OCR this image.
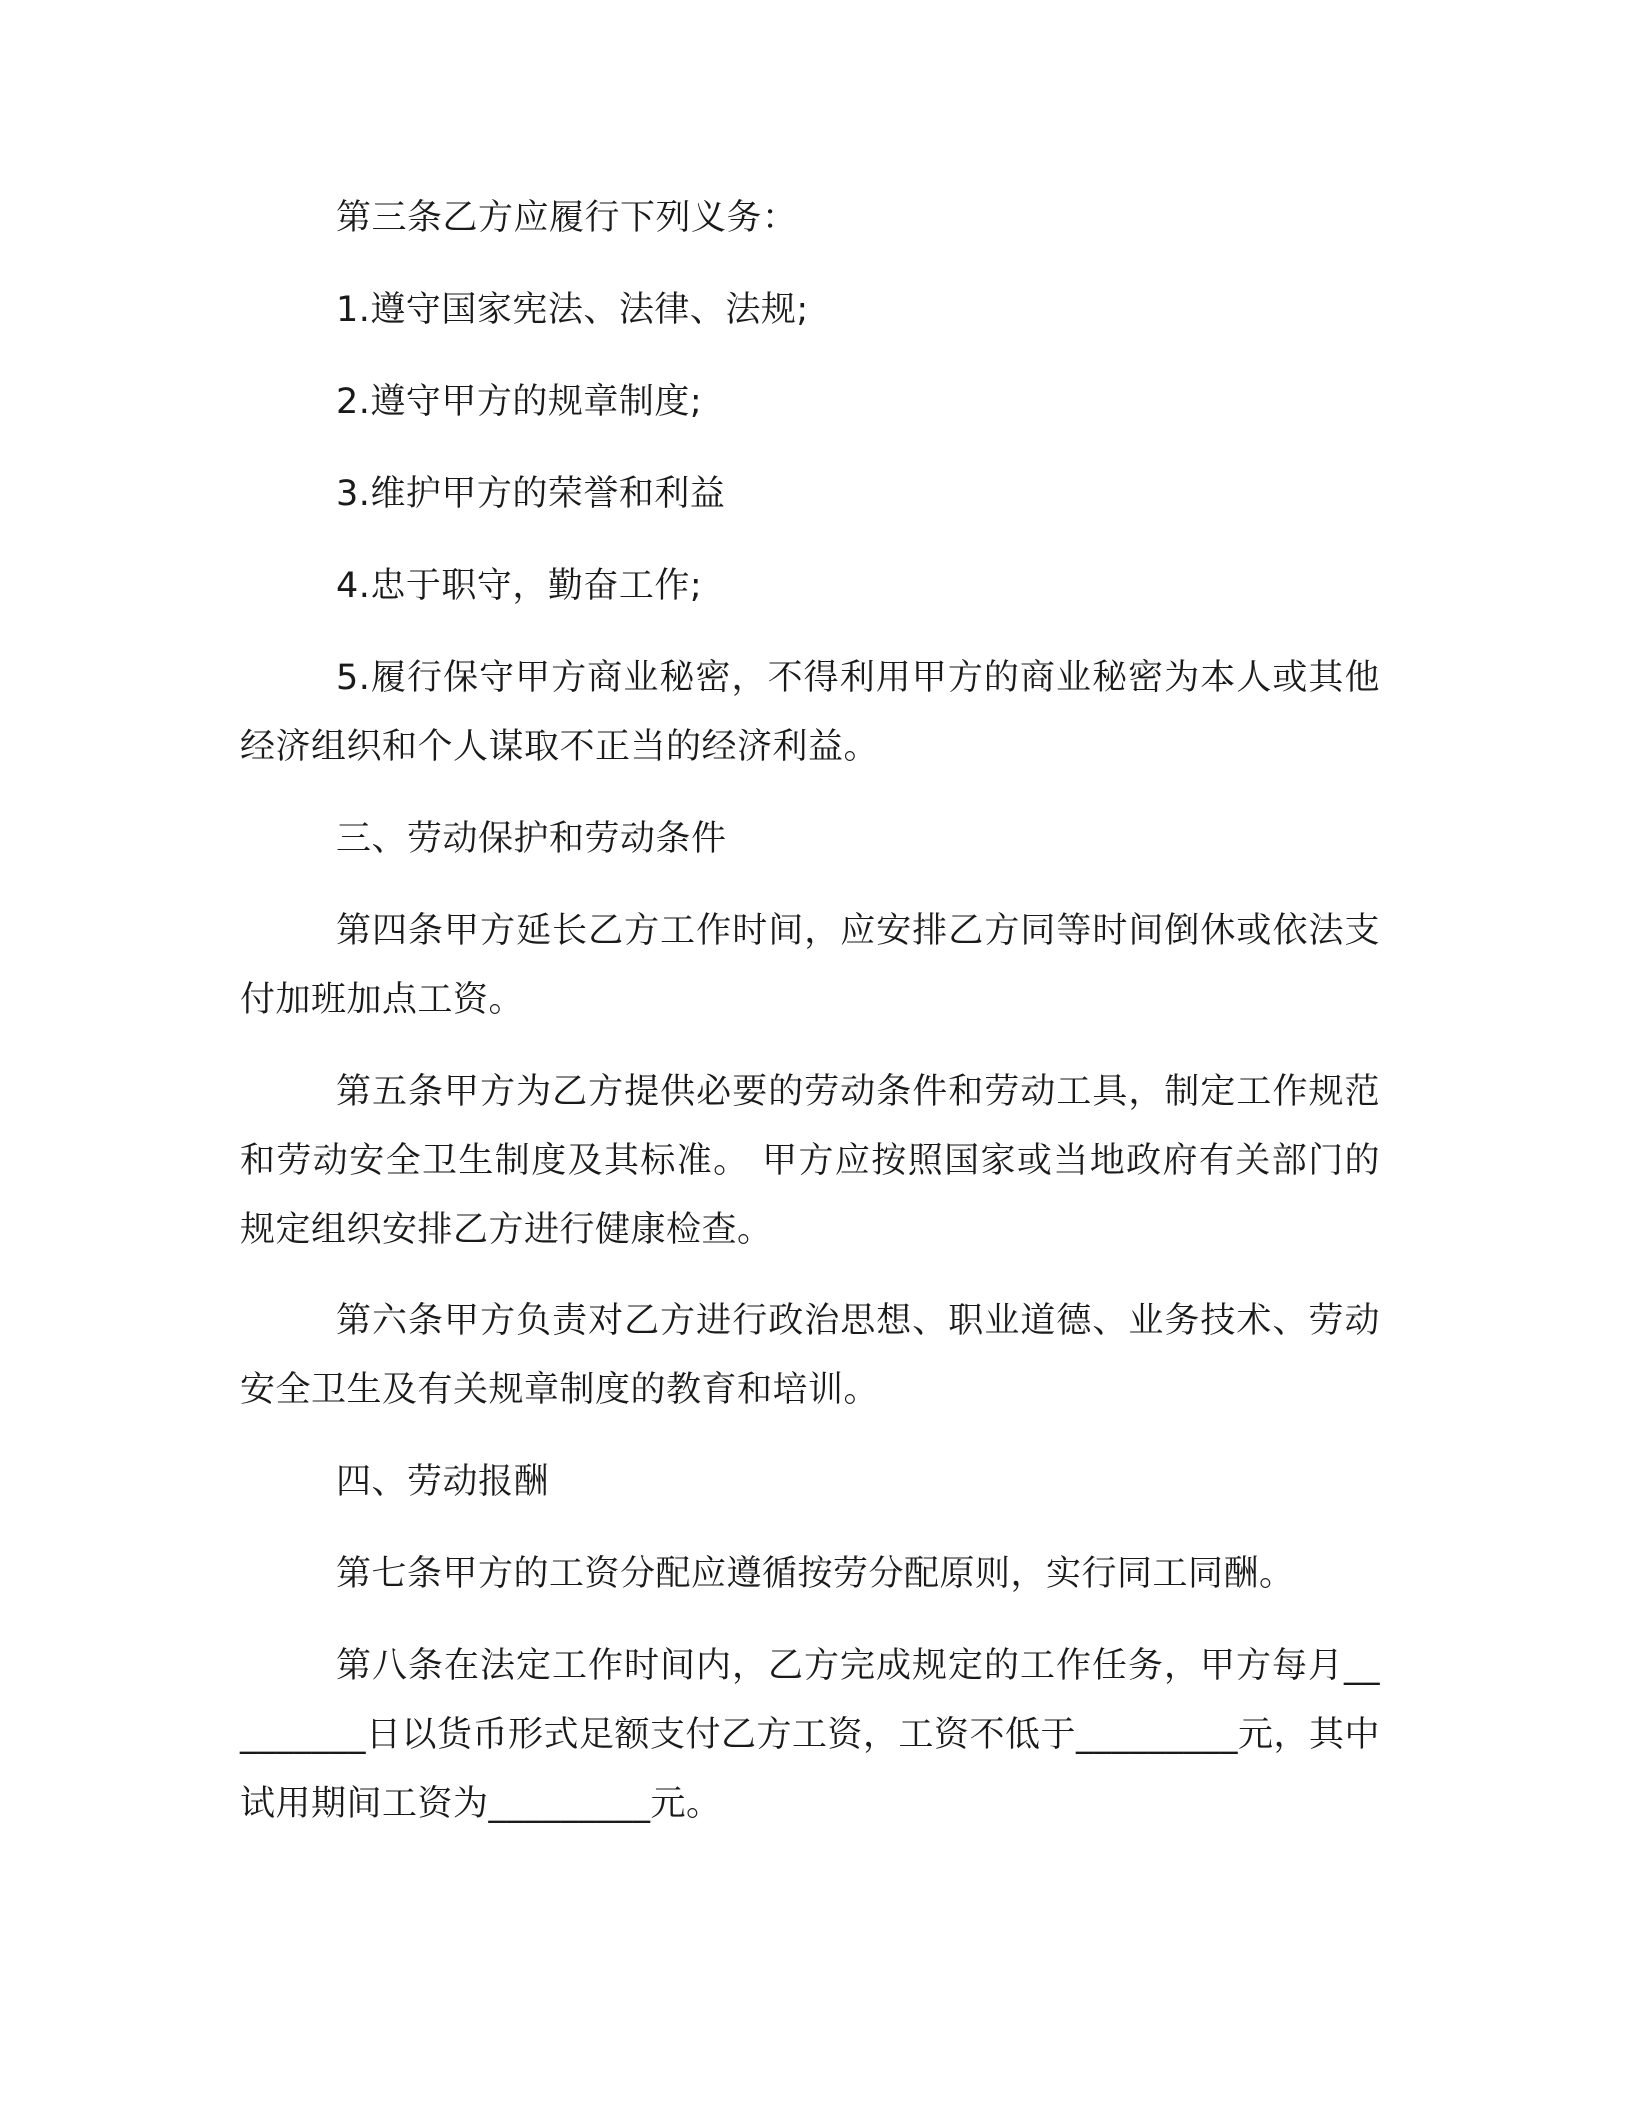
第三条乙方应履行下列义务：

1.遵守国家宪法、法律、法规;

2.遵守甲方的规章制度;

3.维护甲方的荣誉和利益

4.忠于职守，勤奋工作;

5.履行保守甲方商业秘密，不得利用甲方的商业秘密为本人或其他经济组织和个人谋取不正当的经济利益。

三、劳动保护和劳动条件

第四条甲方延长乙方工作时间，应安排乙方同等时间倒休或依法支付加班加点工资。

第五条甲方为乙方提供必要的劳动条件和劳动工具，制定工作规范和劳动安全卫生制度及其标准。 甲方应按照国家或当地政府有关部门的规定组织安排乙方进行健康检查。

第六条甲方负责对乙方进行政治思想、职业道德、业务技术、劳动安全卫生及有关规章制度的教育和培训。

四、劳动报酬

第七条甲方的工资分配应遵循按劳分配原则，实行同工同酬。

第八条在法定工作时间内，乙方完成规定的工作任务，甲方每月_________日以货币形式足额支付乙方工资，工资不低于_________元，其中试用期间工资为_________元。
